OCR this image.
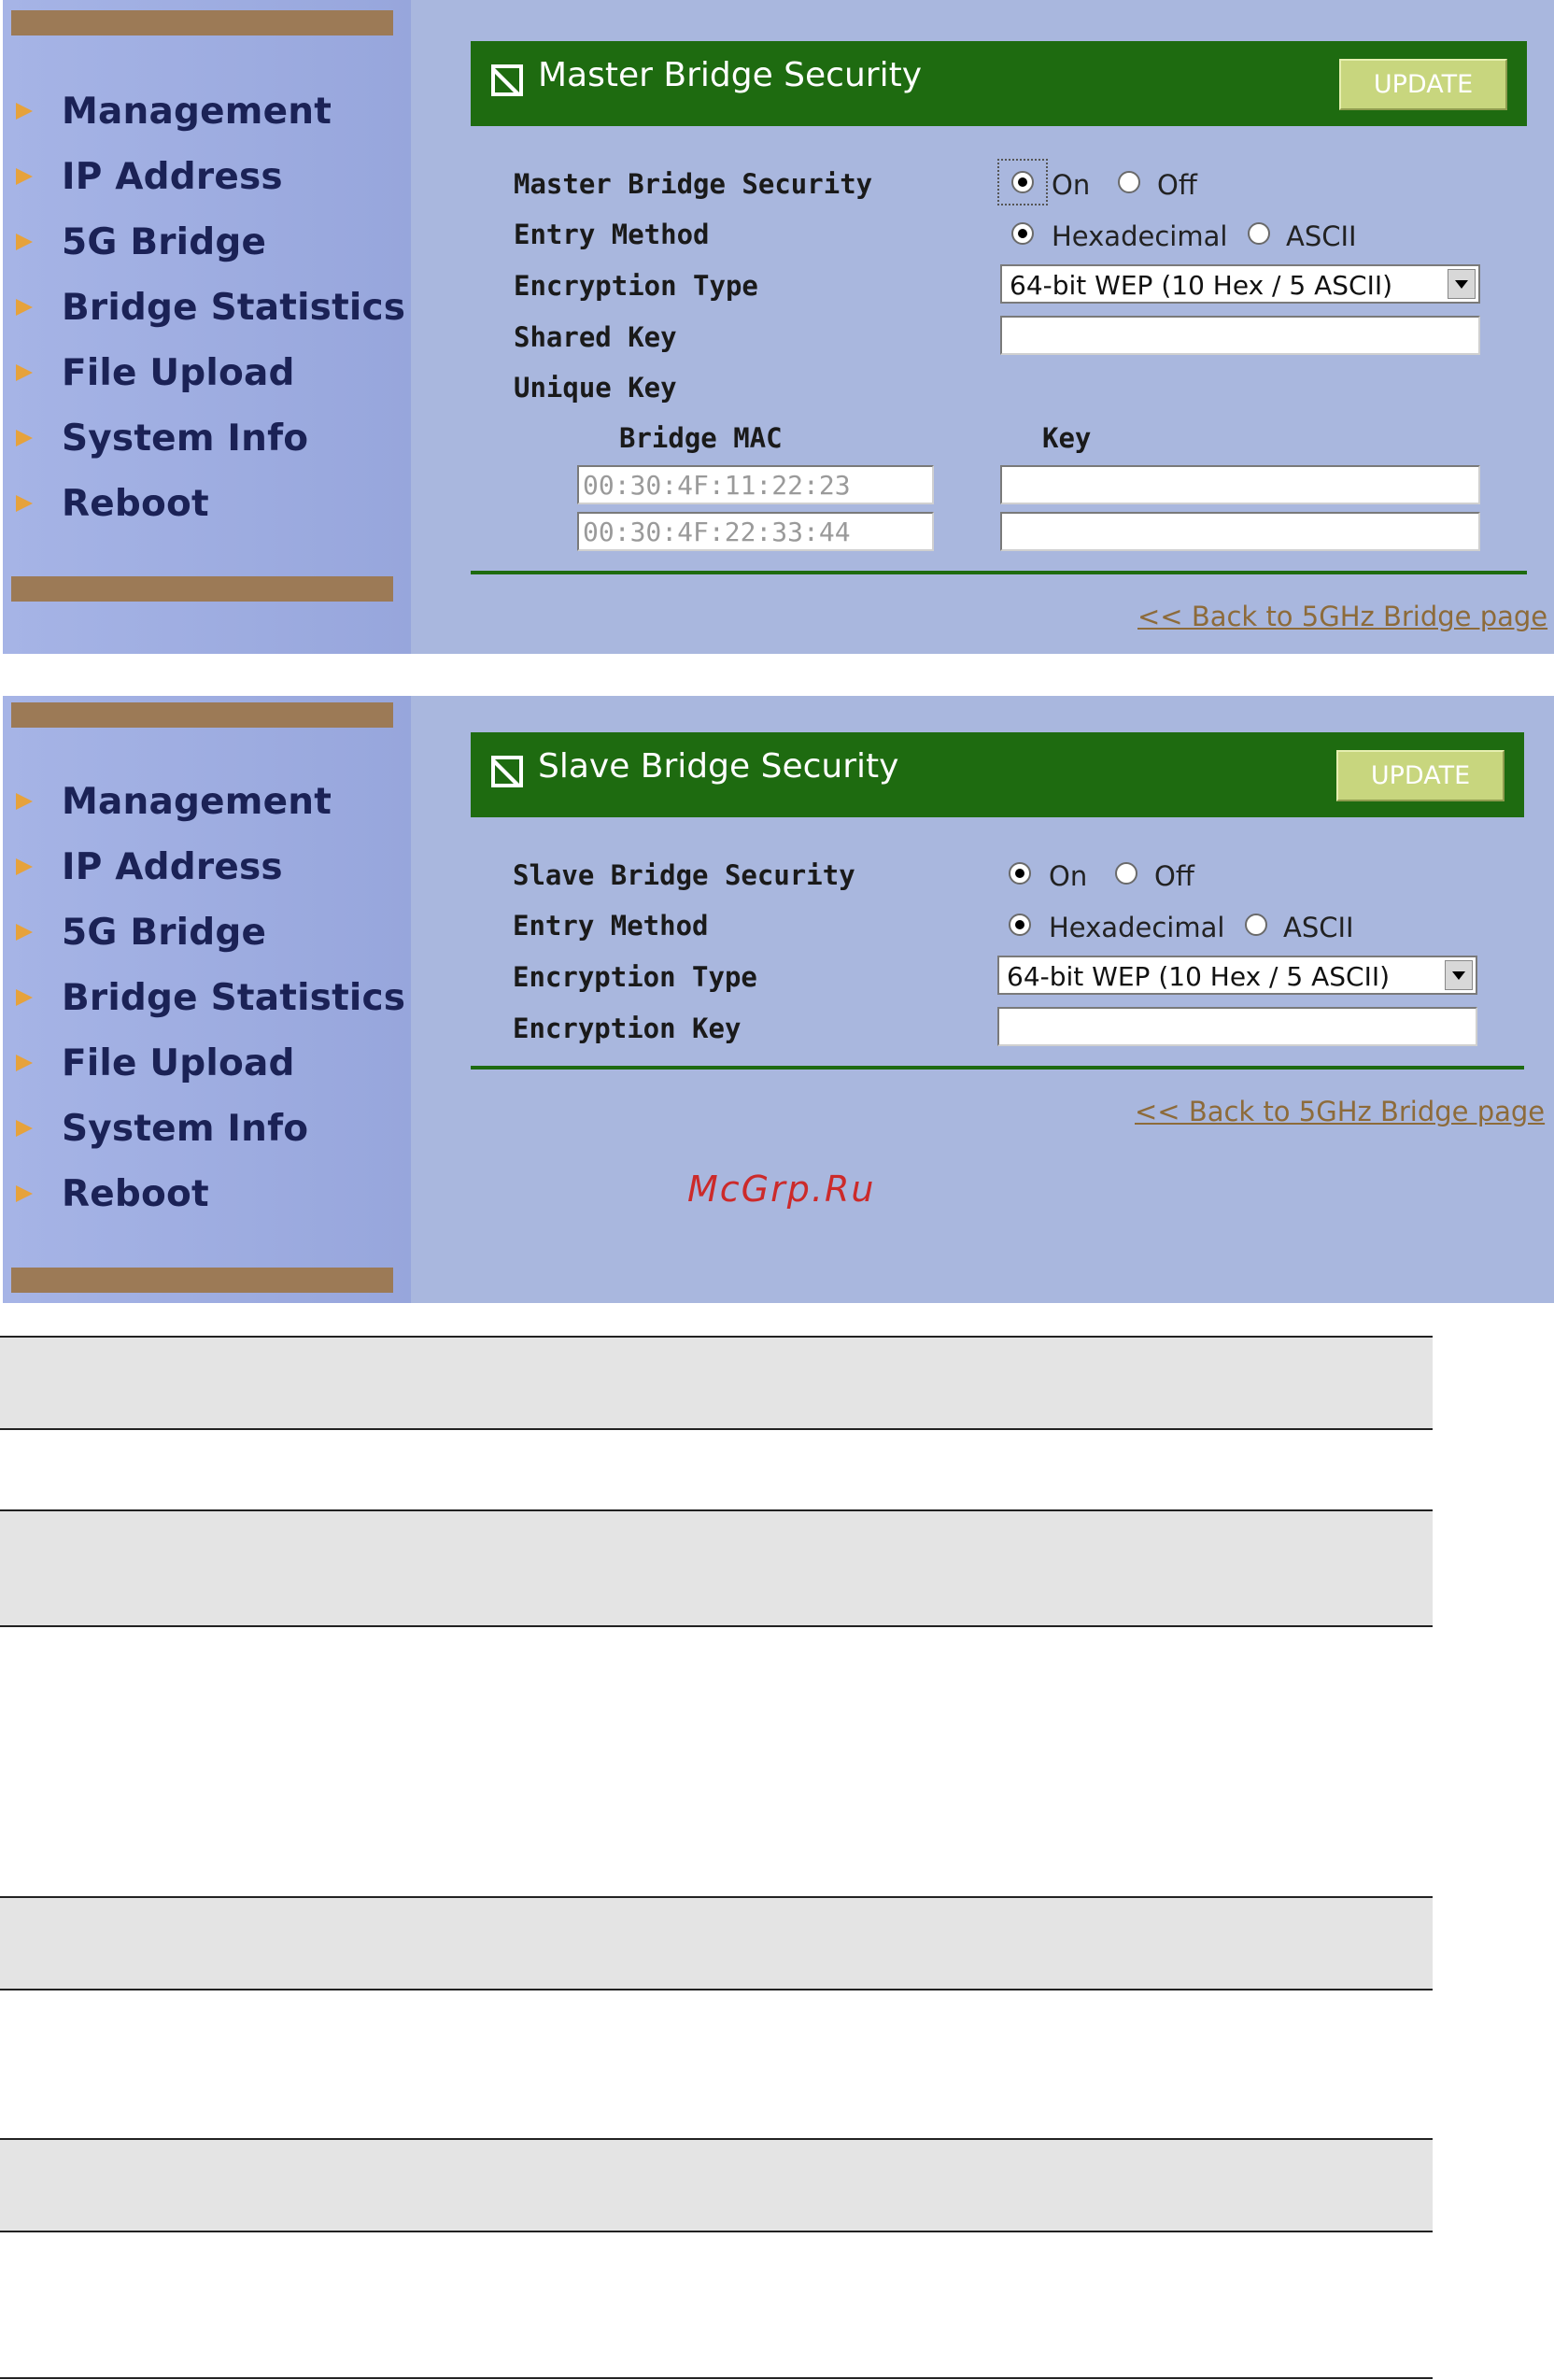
Management
IP Address
5G Bridge
Bridge Statistics
File Upload
System Info
Reboot
Master Bridge Security	UPDATE
Master Bridge Security	On Off
Entry Method	Hexadecimal ASCII
Encryption Type	64-bit WEP (10 Hex / 5 ASCII)
Shared Key
Unique Key
Bridge MAC	Key
00:30:4F:11:22:23
00:30:4F:22:33:44
<< Back to 5GHz Bridge page
Management
IP Address
5G Bridge
Bridge Statistics
File Upload
System Info
Reboot
Slave Bridge Security	UPDATE
Slave Bridge Security	On Off
Entry Method	Hexadecimal ASCII
Encryption Type	64-bit WEP (10 Hex / 5 ASCII)
Encryption Key
<< Back to 5GHz Bridge page
McGrp.Ru
